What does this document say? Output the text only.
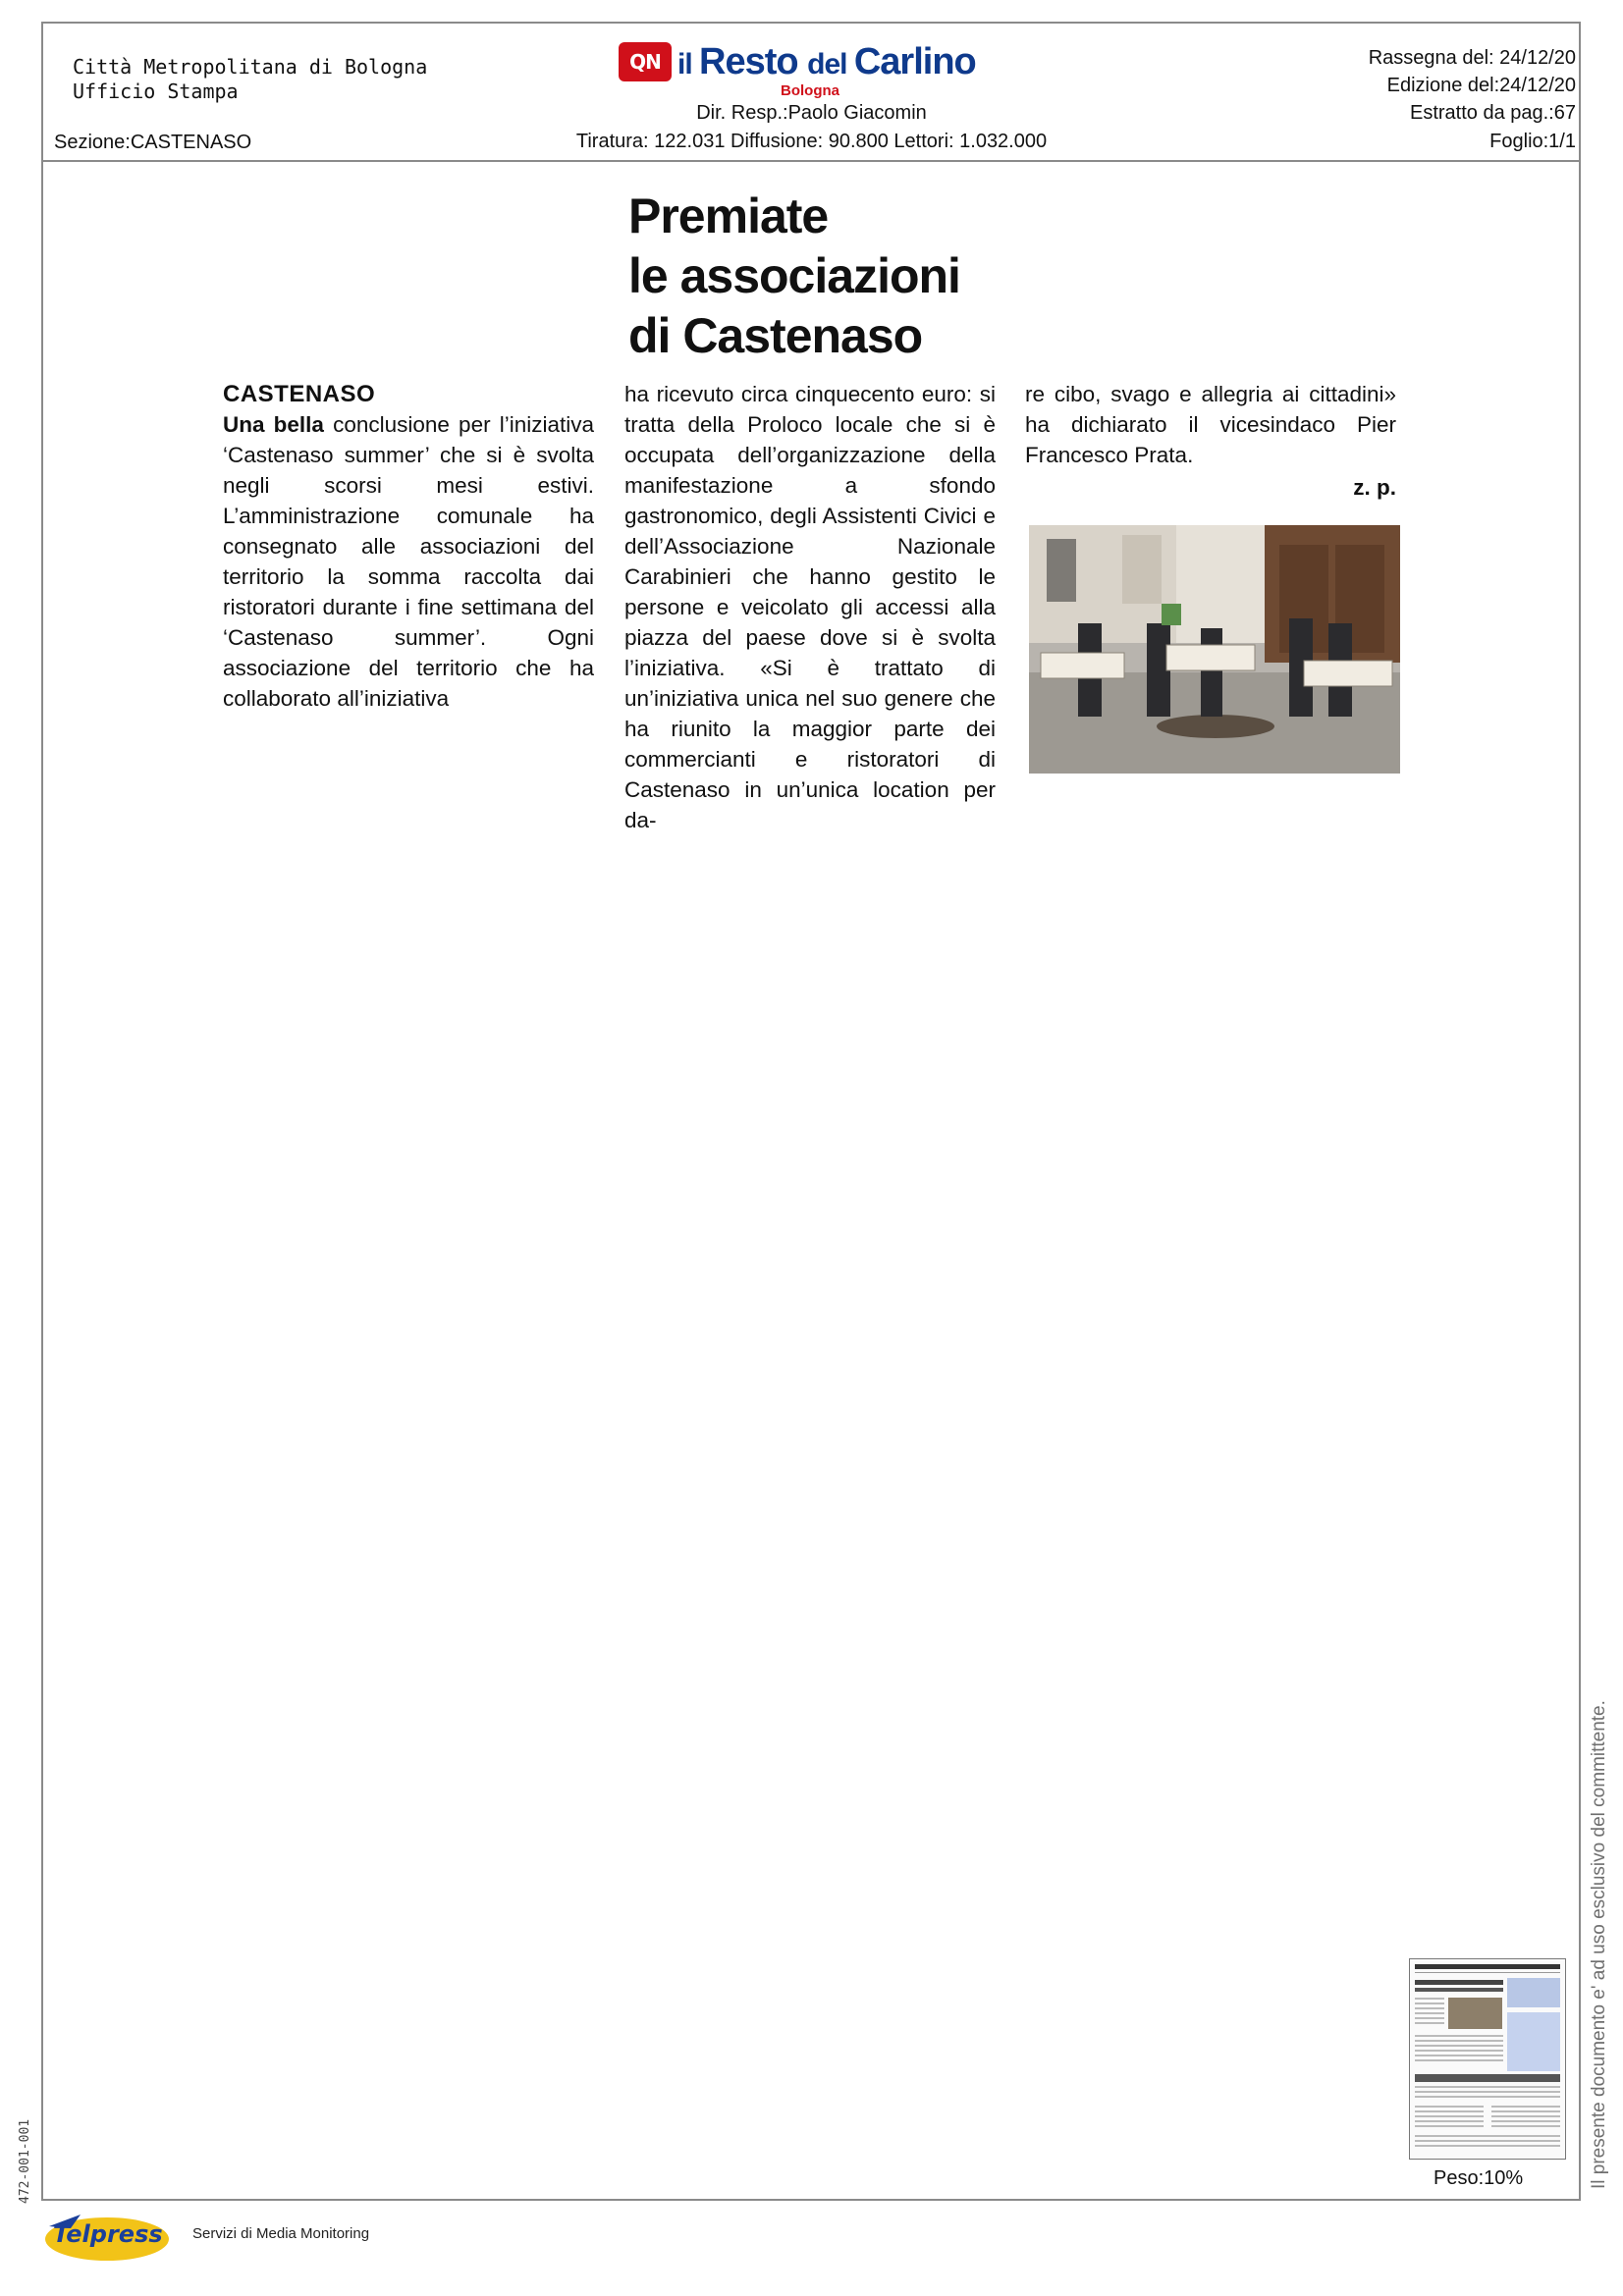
Città Metropolitana di Bologna
Ufficio Stampa
Sezione:CASTENASO
QN il Resto del Carlino
Bologna
Dir. Resp.:Paolo Giacomin
Tiratura: 122.031 Diffusione: 90.800 Lettori: 1.032.000
Rassegna del: 24/12/20
Edizione del:24/12/20
Estratto da pag.:67
Foglio:1/1
Premiate
le associazioni
di Castenaso
CASTENASO

Una bella conclusione per l’iniziativa ‘Castenaso summer’ che si è svolta negli scorsi mesi estivi. L’amministrazione comunale ha consegnato alle associazioni del territorio la somma raccolta dai ristoratori durante i fine settimana del ‘Castenaso summer’. Ogni associazione del territorio che ha collaborato all’iniziativa

ha ricevuto circa cinquecento euro: si tratta della Proloco locale che si è occupata dell’organizzazione della manifestazione a sfondo gastronomico, degli Assistenti Civici e dell’Associazione Nazionale Carabinieri che hanno gestito le persone e veicolato gli accessi alla piazza del paese dove si è svolta l’iniziativa. «Si è trattato di un’iniziativa unica nel suo genere che ha riunito la maggior parte dei commercianti e ristoratori di Castenaso in un’unica location per da-

re cibo, svago e allegria ai cittadini» ha dichiarato il vicesindaco Pier Francesco Prata.

z. p.
Il presente documento e' ad uso esclusivo del committente.
472-001-001	Peso:10%
Telpress Servizi di Media Monitoring
